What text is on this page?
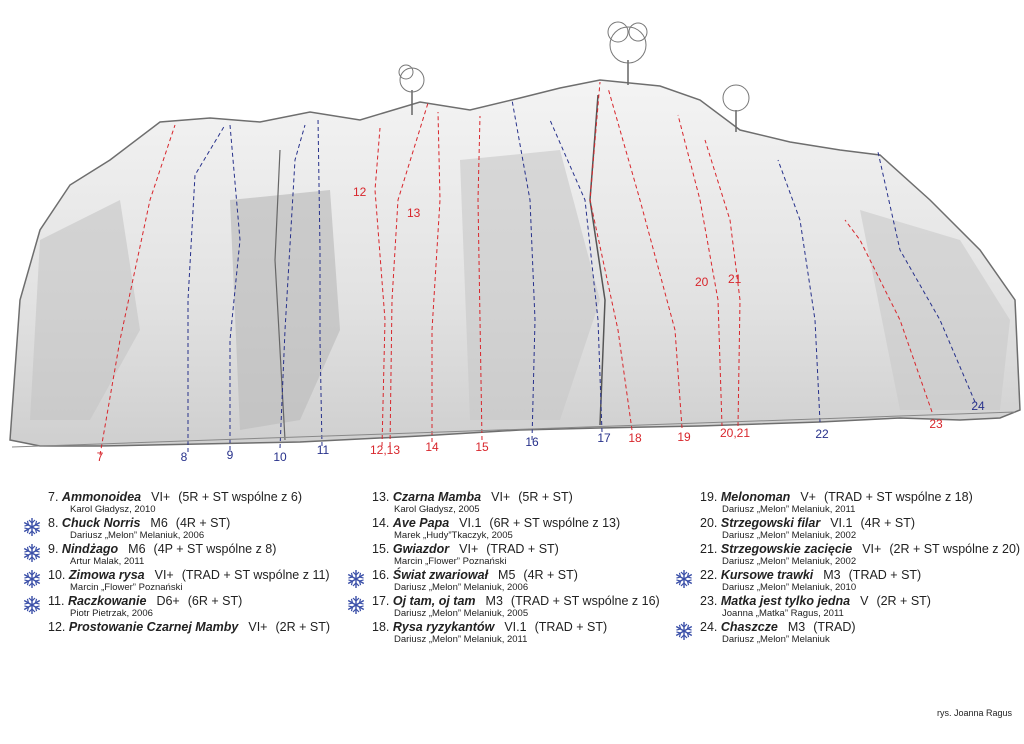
7	8	9	10	11	12,13 14	15	16	17 18	19 20,21	22
23
24
12
13
20 21
7. Ammonoidea VI+ (5R + ST wspólne z 6)
Karol Gładysz, 2010
8. Chuck Norris M6 (4R + ST)
Dariusz „Melon” Melaniuk, 2006
9. Nindżago M6 (4P + ST wspólne z 8)
Artur Malak, 2011
10. Zimowa rysa VI+ (TRAD + ST wspólne z 11)
Marcin „Flower” Poznański
11. Raczkowanie D6+ (6R + ST)
Piotr Pietrzak, 2006
12. Prostowanie Czarnej Mamby VI+ (2R + ST)
13. Czarna Mamba VI+ (5R + ST)
Karol Gładysz, 2005
14. Ave Papa VI.1 (6R + ST wspólne z 13)
Marek „Hudy”Tkaczyk, 2005
15. Gwiazdor VI+ (TRAD + ST)
Marcin „Flower” Poznański
16. Świat zwariował M5 (4R + ST)
Dariusz „Melon” Melaniuk, 2006
17. Oj tam, oj tam M3 (TRAD + ST wspólne z 16)
Dariusz „Melon” Melaniuk, 2005
18. Rysa ryzykantów VI.1 (TRAD + ST)
Dariusz „Melon” Melaniuk, 2011
19. Melonoman V+ (TRAD + ST wspólne z 18)
Dariusz „Melon” Melaniuk, 2011
20. Strzegowski filar VI.1 (4R + ST)
Dariusz „Melon” Melaniuk, 2002
21. Strzegowskie zacięcie VI+ (2R + ST wspólne z 20)
Dariusz „Melon” Melaniuk, 2002
22. Kursowe trawki M3 (TRAD + ST)
Dariusz „Melon” Melaniuk, 2010
23. Matka jest tylko jedna V (2R + ST)
Joanna „Matka” Ragus, 2011
24. Chaszcze M3 (TRAD)
Dariusz „Melon” Melaniuk
rys. Joanna Ragus
